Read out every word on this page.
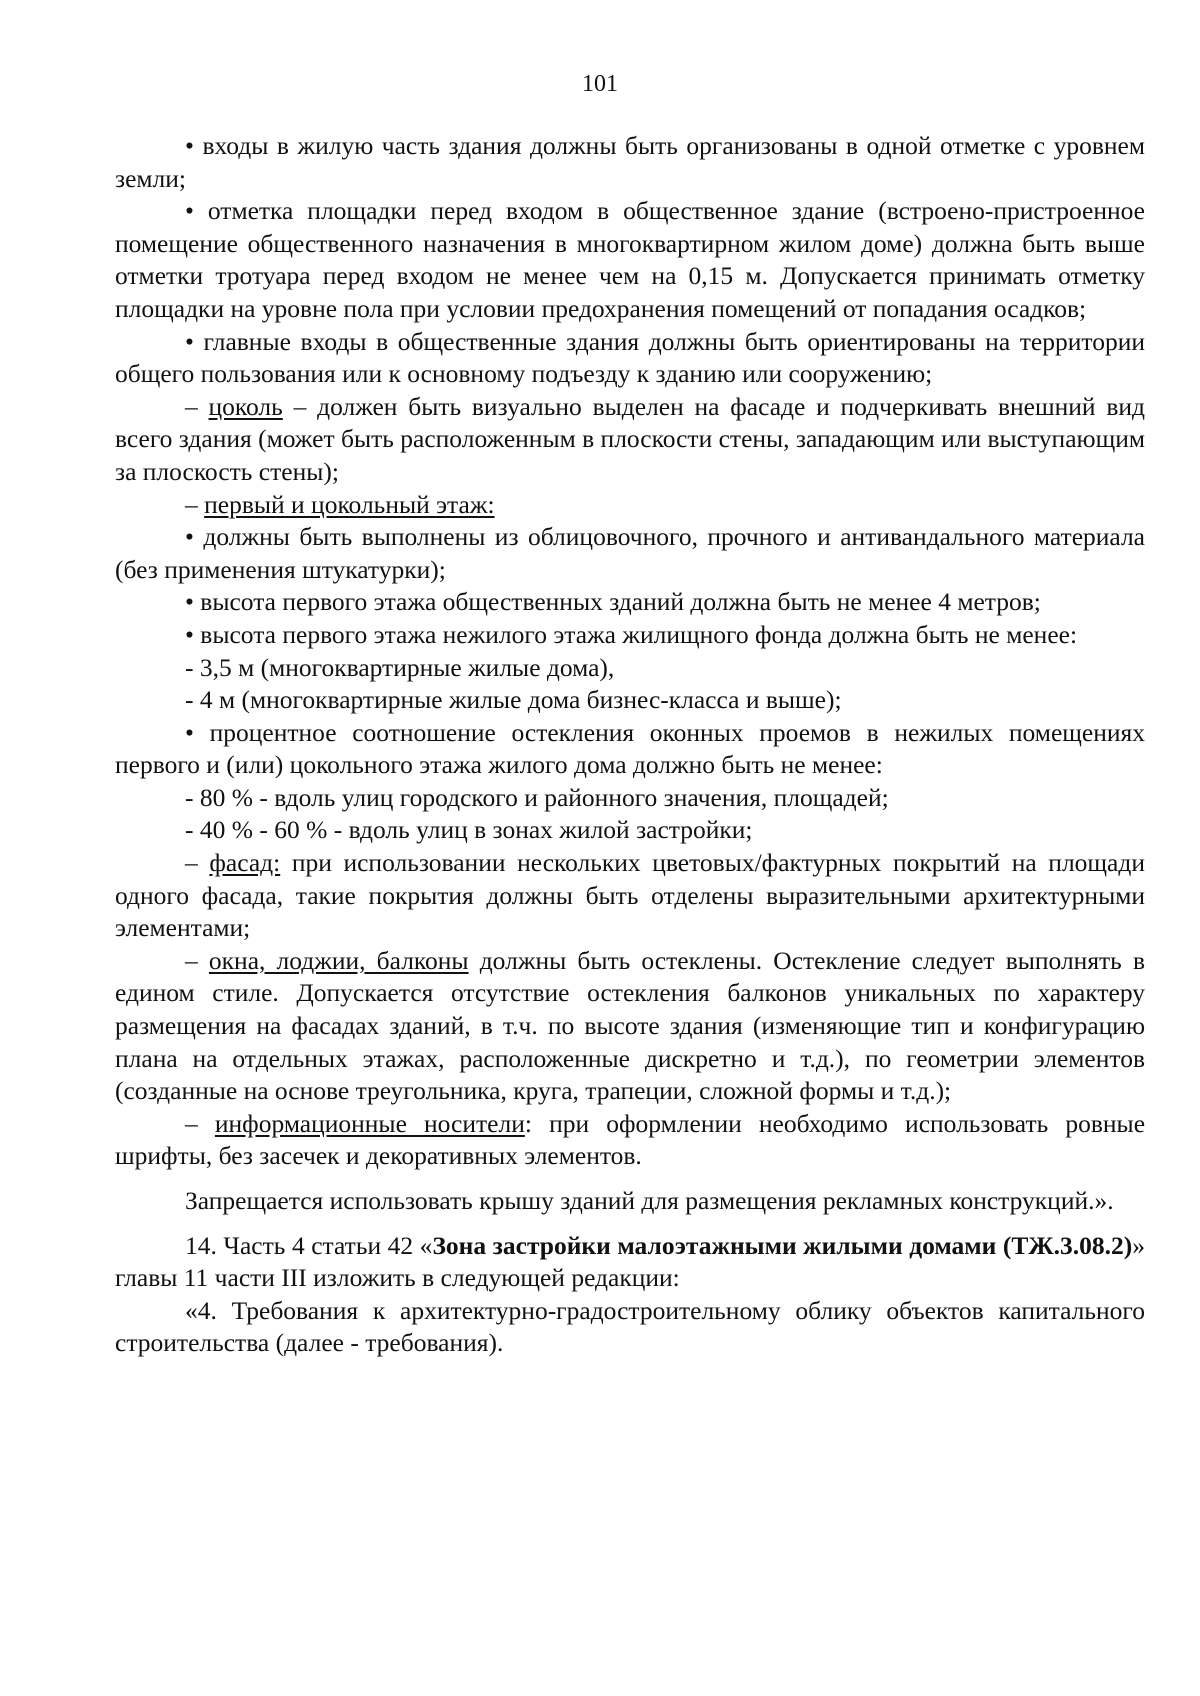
101

• входы в жилую часть здания должны быть организованы в одной отметке с уровнем земли;

• отметка площадки перед входом в общественное здание (встроено-пристроенное помещение общественного назначения в многоквартирном жилом доме) должна быть выше отметки тротуара перед входом не менее чем на 0,15 м. Допускается принимать отметку площадки на уровне пола при условии предохранения помещений от попадания осадков;

• главные входы в общественные здания должны быть ориентированы на территории общего пользования или к основному подъезду к зданию или сооружению;

– цоколь – должен быть визуально выделен на фасаде и подчеркивать внешний вид всего здания (может быть расположенным в плоскости стены, западающим или выступающим за плоскость стены);

– первый и цокольный этаж:

• должны быть выполнены из облицовочного, прочного и антивандального материала (без применения штукатурки);

• высота первого этажа общественных зданий должна быть не менее 4 метров;

• высота первого этажа нежилого этажа жилищного фонда должна быть не менее:

- 3,5 м (многоквартирные жилые дома),

- 4 м (многоквартирные жилые дома бизнес-класса и выше);

• процентное соотношение остекления оконных проемов в нежилых помещениях первого и (или) цокольного этажа жилого дома должно быть не менее:

- 80 % - вдоль улиц городского и районного значения, площадей;

- 40 % - 60 % - вдоль улиц в зонах жилой застройки;

– фасад: при использовании нескольких цветовых/фактурных покрытий на площади одного фасада, такие покрытия должны быть отделены выразительными архитектурными элементами;

– окна, лоджии, балконы должны быть остеклены. Остекление следует выполнять в едином стиле. Допускается отсутствие остекления балконов уникальных по характеру размещения на фасадах зданий, в т.ч. по высоте здания (изменяющие тип и конфигурацию плана на отдельных этажах, расположенные дискретно и т.д.), по геометрии элементов (созданные на основе треугольника, круга, трапеции, сложной формы и т.д.);

– информационные носители: при оформлении необходимо использовать ровные шрифты, без засечек и декоративных элементов.

Запрещается использовать крышу зданий для размещения рекламных конструкций.».

14. Часть 4 статьи 42 «Зона застройки малоэтажными жилыми домами (ТЖ.3.08.2)» главы 11 части III изложить в следующей редакции:

«4. Требования к архитектурно-градостроительному облику объектов капитального строительства (далее - требования).
